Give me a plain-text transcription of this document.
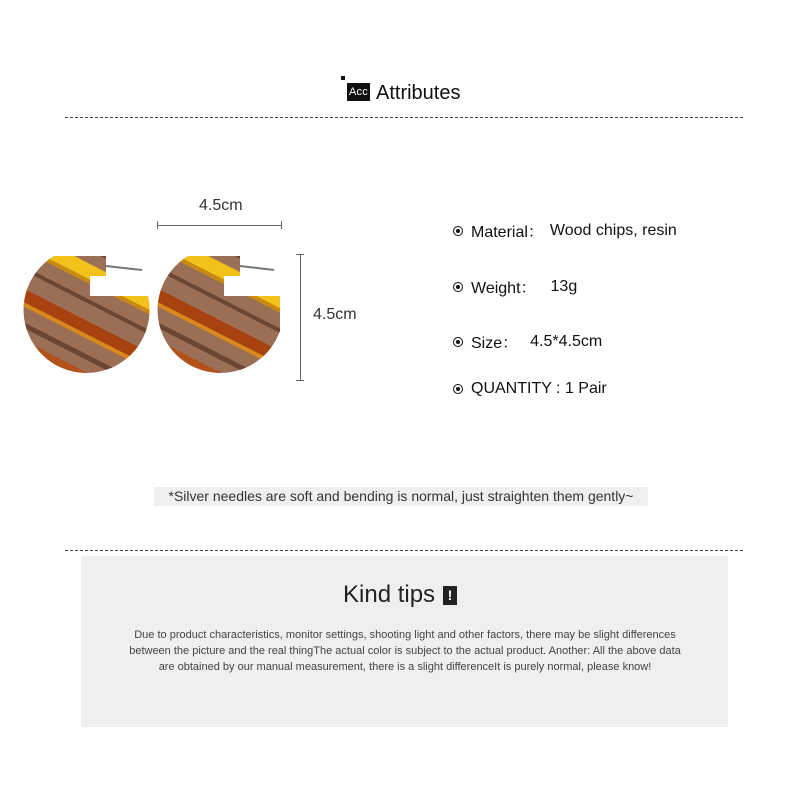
Acc Attributes
4.5cm
4.5cm
Material： Wood chips, resin
Weight： 13g
Size： 4.5*4.5cm
QUANTITY : 1 Pair
*Silver needles are soft and bending is normal, just straighten them gently~
Kind tips !
Due to product characteristics, monitor settings, shooting light and other factors, there may be slight differences between the picture and the real thingThe actual color is subject to the actual product. Another: All the above data are obtained by our manual measurement, there is a slight differenceIt is purely normal, please know!
